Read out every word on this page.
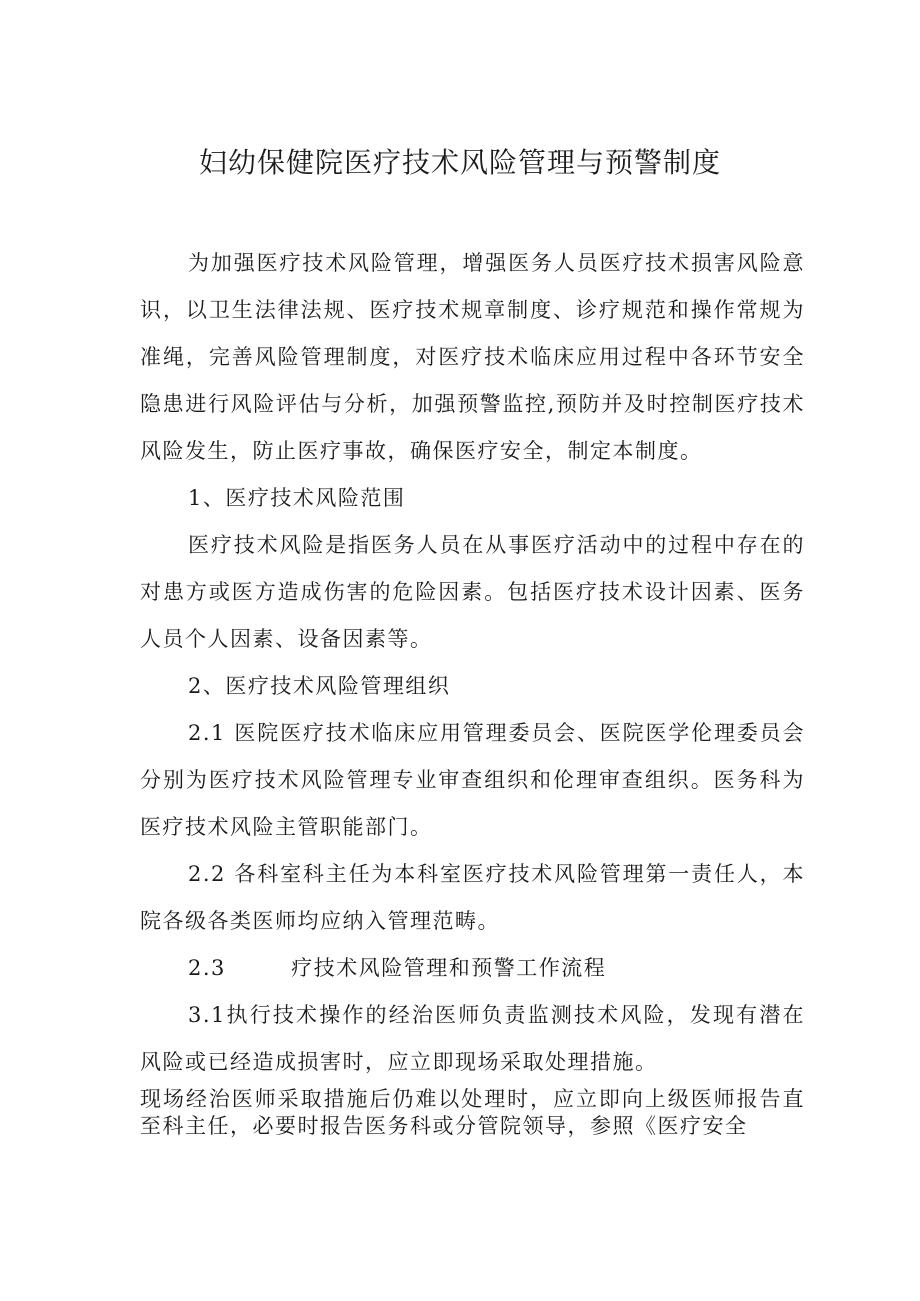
妇幼保健院医疗技术风险管理与预警制度

为加强医疗技术风险管理，增强医务人员医疗技术损害风险意识，以卫生法律法规、医疗技术规章制度、诊疗规范和操作常规为准绳，完善风险管理制度，对医疗技术临床应用过程中各环节安全隐患进行风险评估与分析，加强预警监控,预防并及时控制医疗技术风险发生，防止医疗事故，确保医疗安全，制定本制度。

1、医疗技术风险范围

医疗技术风险是指医务人员在从事医疗活动中的过程中存在的对患方或医方造成伤害的危险因素。包括医疗技术设计因素、医务人员个人因素、设备因素等。

2、医疗技术风险管理组织

2.1 医院医疗技术临床应用管理委员会、医院医学伦理委员会分别为医疗技术风险管理专业审查组织和伦理审查组织。医务科为医疗技术风险主管职能部门。

2.2 各科室科主任为本科室医疗技术风险管理第一责任人，本院各级各类医师均应纳入管理范畴。

2.3        疗技术风险管理和预警工作流程

3.1执行技术操作的经治医师负责监测技术风险，发现有潜在风险或已经造成损害时，应立即现场采取处理措施。

现场经治医师采取措施后仍难以处理时，应立即向上级医师报告直至科主任，必要时报告医务科或分管院领导，参照《医疗安全
